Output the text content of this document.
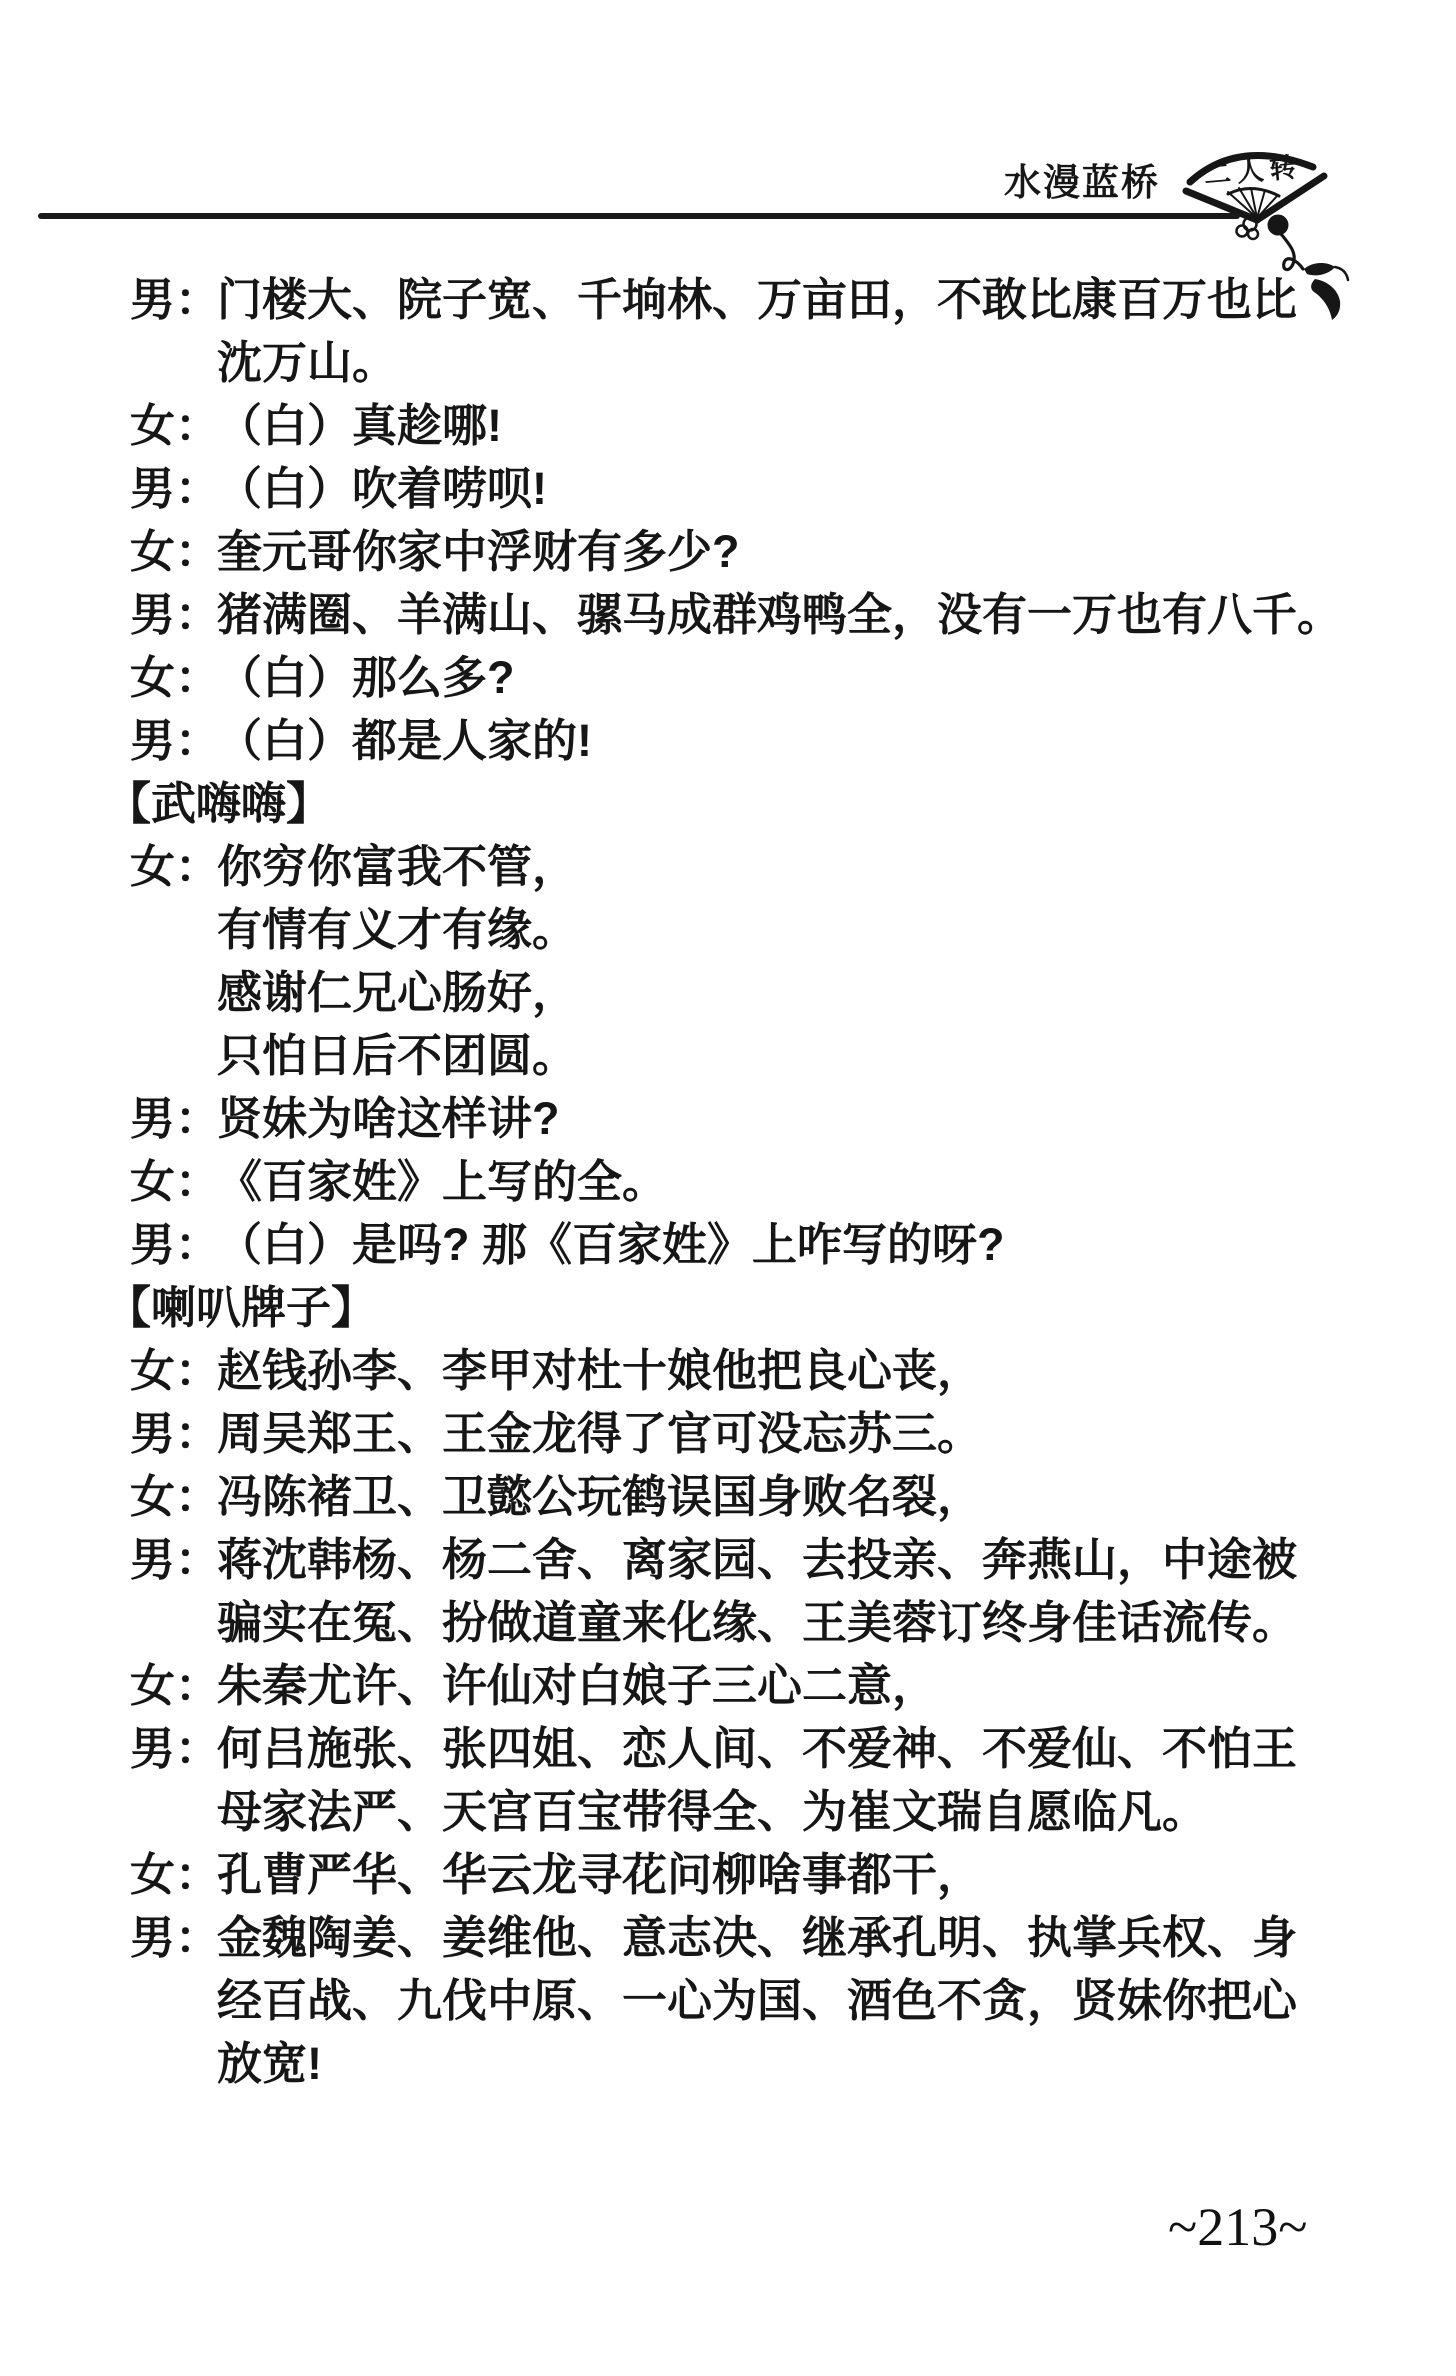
水漫蓝桥 二人转
男：
门楼大、院子宽、千垧林、万亩田，不敢比康百万也比
沈万山。
女：
（白）真趁哪!
男：
（白）吹着唠呗!
女：
奎元哥你家中浮财有多少?
男：
猪满圈、羊满山、骡马成群鸡鸭全，没有一万也有八千。
女：
（白）那么多?
男：
（白）都是人家的!
【武嗨嗨】
女：
你穷你富我不管，
有情有义才有缘。
感谢仁兄心肠好，
只怕日后不团圆。
男：
贤妹为啥这样讲?
女：
《百家姓》上写的全。
男：
（白）是吗? 那《百家姓》上咋写的呀?
【喇叭牌子】
女：
赵钱孙李、李甲对杜十娘他把良心丧，
男：
周吴郑王、王金龙得了官可没忘苏三。
女：
冯陈褚卫、卫懿公玩鹤误国身败名裂，
男：
蒋沈韩杨、杨二舍、离家园、去投亲、奔燕山，中途被
骗实在冤、扮做道童来化缘、王美蓉订终身佳话流传。
女：
朱秦尤许、许仙对白娘子三心二意，
男：
何吕施张、张四姐、恋人间、不爱神、不爱仙、不怕王
母家法严、天宫百宝带得全、为崔文瑞自愿临凡。
女：
孔曹严华、华云龙寻花问柳啥事都干，
男：
金魏陶姜、姜维他、意志决、继承孔明、执掌兵权、身
经百战、九伐中原、一心为国、酒色不贪，贤妹你把心
放宽!
~213~
